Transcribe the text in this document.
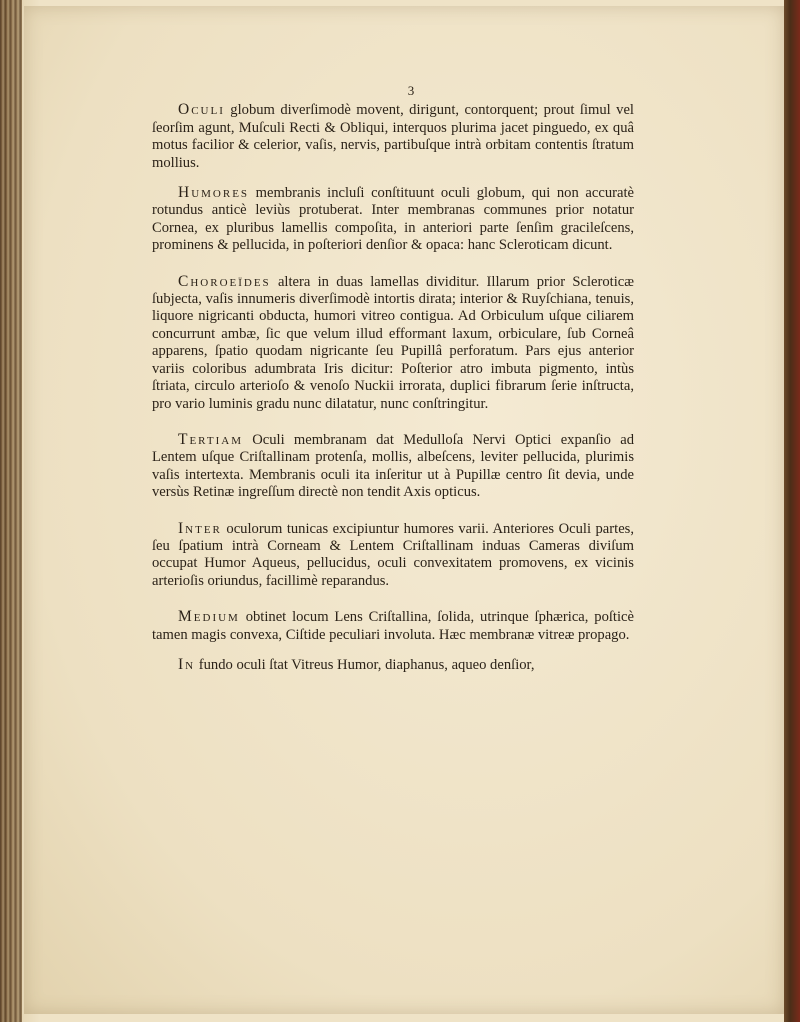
3

Oculi globum diverſimodè movent, dirigunt, contorquent; prout ſimul vel ſeorſim agunt, Muſculi Recti & Obliqui, interquos plurima jacet pinguedo, ex quâ motus facilior & celerior, vaſis, nervis, partibuſque intrà orbitam contentis ſtratum mollius.

Humores membranis incluſi conſtituunt oculi globum, qui non accuratè rotundus anticè leviùs protuberat. Inter membranas communes prior notatur Cornea, ex pluribus lamellis compoſita, in anteriori parte ſenſim gracileſcens, prominens & pellucida, in poſteriori denſior & opaca: hanc Scleroticam dicunt.

Choroeïdes altera in duas lamellas dividitur. Illarum prior Scleroticæ ſubjecta, vaſis innumeris diverſimodè intortis dirata; interior & Ruyſchiana, tenuis, liquore nigricanti obducta, humori vitreo contigua. Ad Orbiculum uſque ciliarem concurrunt ambæ, ſic que velum illud efformant laxum, orbiculare, ſub Corneâ apparens, ſpatio quodam nigricante ſeu Pupillâ perforatum. Pars ejus anterior variis coloribus adumbrata Iris dicitur: Poſterior atro imbuta pigmento, intùs ſtriata, circulo arterioſo & venoſo Nuckii irrorata, duplici fibrarum ſerie inſtructa, pro vario luminis gradu nunc dilatatur, nunc conſtringitur.

Tertiam Oculi membranam dat Medulloſa Nervi Optici expanſio ad Lentem uſque Criſtallinam protenſa, mollis, albeſcens, leviter pellucida, plurimis vaſis intertexta. Membranis oculi ita inſeritur ut à Pupillæ centro ſit devia, unde versùs Retinæ ingreſſum directè non tendit Axis opticus.

Inter oculorum tunicas excipiuntur humores varii. Anteriores Oculi partes, ſeu ſpatium intrà Corneam & Lentem Criſtallinam induas Cameras diviſum occupat Humor Aqueus, pellucidus, oculi convexitatem promovens, ex vicinis arterioſis oriundus, facillimè reparandus.

Medium obtinet locum Lens Criſtallina, ſolida, utrinque ſphærica, poſticè tamen magis convexa, Ciſtide peculiari involuta. Hæc membranæ vitreæ propago.

In fundo oculi ſtat Vitreus Humor, diaphanus, aqueo denſior,
